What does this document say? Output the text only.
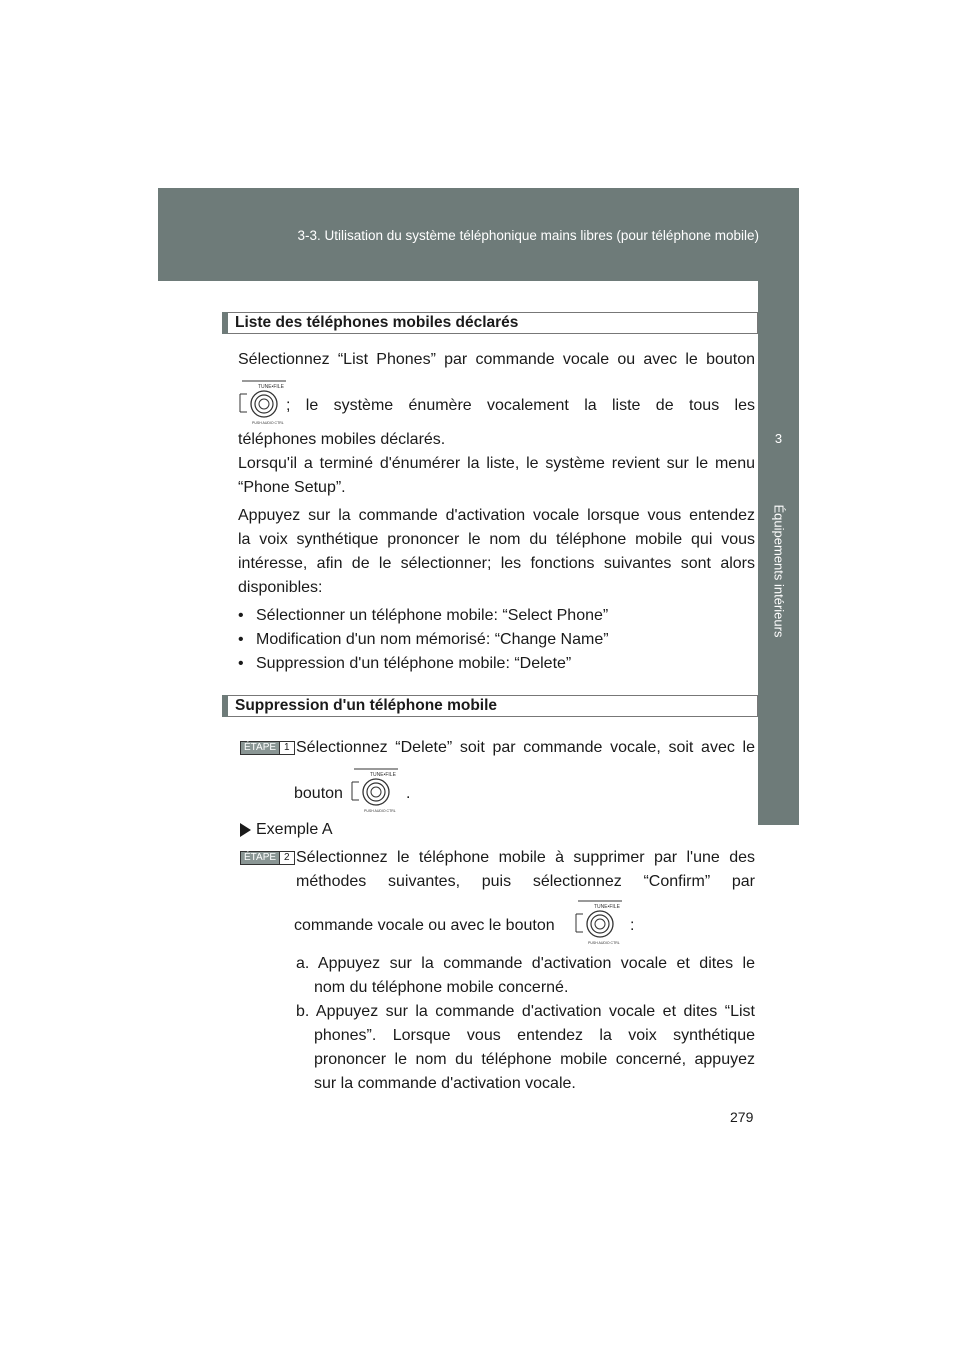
3-3. Utilisation du système téléphonique mains libres (pour téléphone mobile)
3
Équipements intérieurs
Liste des téléphones mobiles déclarés
Sélectionnez “List Phones” par commande vocale ou avec le bouton
TUNE•FILE
PUSH AUDIO CTRL
; le système énumère vocalement la liste de tous les
téléphones mobiles déclarés.
Lorsqu'il a terminé d'énumérer la liste, le système revient sur le menu
“Phone Setup”.
Appuyez sur la commande d'activation vocale lorsque vous entendez
la voix synthétique prononcer le nom du téléphone mobile qui vous
intéresse, afin de le sélectionner; les fonctions suivantes sont alors
disponibles:
• Sélectionner un téléphone mobile: “Select Phone”
• Modification d'un nom mémorisé: “Change Name”
• Suppression d'un téléphone mobile: “Delete”
Suppression d'un téléphone mobile
ÉTAPE 1 Sélectionnez “Delete” soit par commande vocale, soit avec le
bouton
TUNE•FILE
PUSH AUDIO CTRL
.
Exemple A
ÉTAPE 2 Sélectionnez le téléphone mobile à supprimer par l'une des
méthodes suivantes, puis sélectionnez “Confirm” par
commande vocale ou avec le bouton
TUNE•FILE
PUSH AUDIO CTRL
:
a. Appuyez sur la commande d'activation vocale et dites le
nom du téléphone mobile concerné.
b. Appuyez sur la commande d'activation vocale et dites “List
phones”. Lorsque vous entendez la voix synthétique
prononcer le nom du téléphone mobile concerné, appuyez
sur la commande d'activation vocale.
279
